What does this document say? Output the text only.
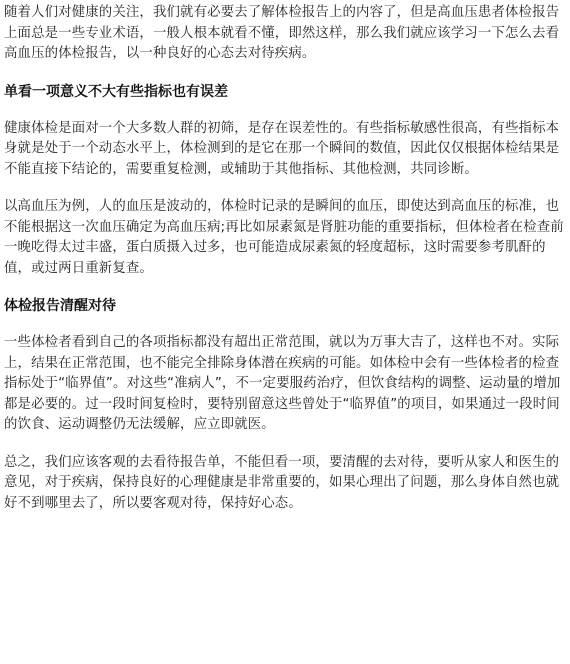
随着人们对健康的关注，我们就有必要去了解体检报告上的内容了，但是高血压患者体检报告上面总是一些专业术语，一般人根本就看不懂，即然这样，那么我们就应该学习一下怎么去看高血压的体检报告，以一种良好的心态去对待疾病。

单看一项意义不大有些指标也有误差

健康体检是面对一个大多数人群的初筛，是存在误差性的。有些指标敏感性很高，有些指标本身就是处于一个动态水平上，体检测到的是它在那一个瞬间的数值，因此仅仅根据体检结果是不能直接下结论的，需要重复检测，或辅助于其他指标、其他检测，共同诊断。

以高血压为例，人的血压是波动的，体检时记录的是瞬间的血压，即使达到高血压的标准，也不能根据这一次血压确定为高血压病;再比如尿素氮是肾脏功能的重要指标，但体检者在检查前一晚吃得太过丰盛，蛋白质摄入过多，也可能造成尿素氮的轻度超标，这时需要参考肌酐的值，或过两日重新复查。

体检报告清醒对待

一些体检者看到自己的各项指标都没有超出正常范围，就以为万事大吉了，这样也不对。实际上，结果在正常范围，也不能完全排除身体潜在疾病的可能。如体检中会有一些体检者的检查指标处于“临界值”。对这些“准病人”，不一定要服药治疗，但饮食结构的调整、运动量的增加都是必要的。过一段时间复检时，要特别留意这些曾处于“临界值”的项目，如果通过一段时间的饮食、运动调整仍无法缓解，应立即就医。

总之，我们应该客观的去看待报告单，不能但看一项，要清醒的去对待，要听从家人和医生的意见，对于疾病，保持良好的心理健康是非常重要的，如果心理出了问题，那么身体自然也就好不到哪里去了，所以要客观对待，保持好心态。
